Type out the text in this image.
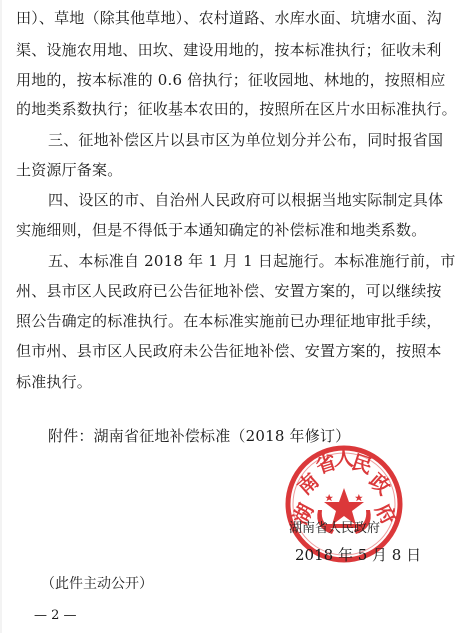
田）、草地（除其他草地）、农村道路、水库水面、坑塘水面、沟
渠、设施农用地、田坎、建设用地的，按本标准执行；征收未利
用地的，按本标准的 0.6 倍执行；征收园地、林地的，按照相应
的地类系数执行；征收基本农田的，按照所在区片水田标准执行。
三、征地补偿区片以县市区为单位划分并公布，同时报省国
土资源厅备案。
四、设区的市、自治州人民政府可以根据当地实际制定具体
实施细则，但是不得低于本通知确定的补偿标准和地类系数。
五、本标准自 2018 年 1 月 1 日起施行。本标准施行前，市
州、县市区人民政府已公告征地补偿、安置方案的，可以继续按
照公告确定的标准执行。在本标准实施前已办理征地审批手续，
但市州、县市区人民政府未公告征地补偿、安置方案的，按照本
标准执行。
附件：湖南省征地补偿标准（2018 年修订）
湖
南
省
人
民
政
府
湖南省人民政府
2018 年 5 月 8 日
（此件主动公开）
— 2 —
